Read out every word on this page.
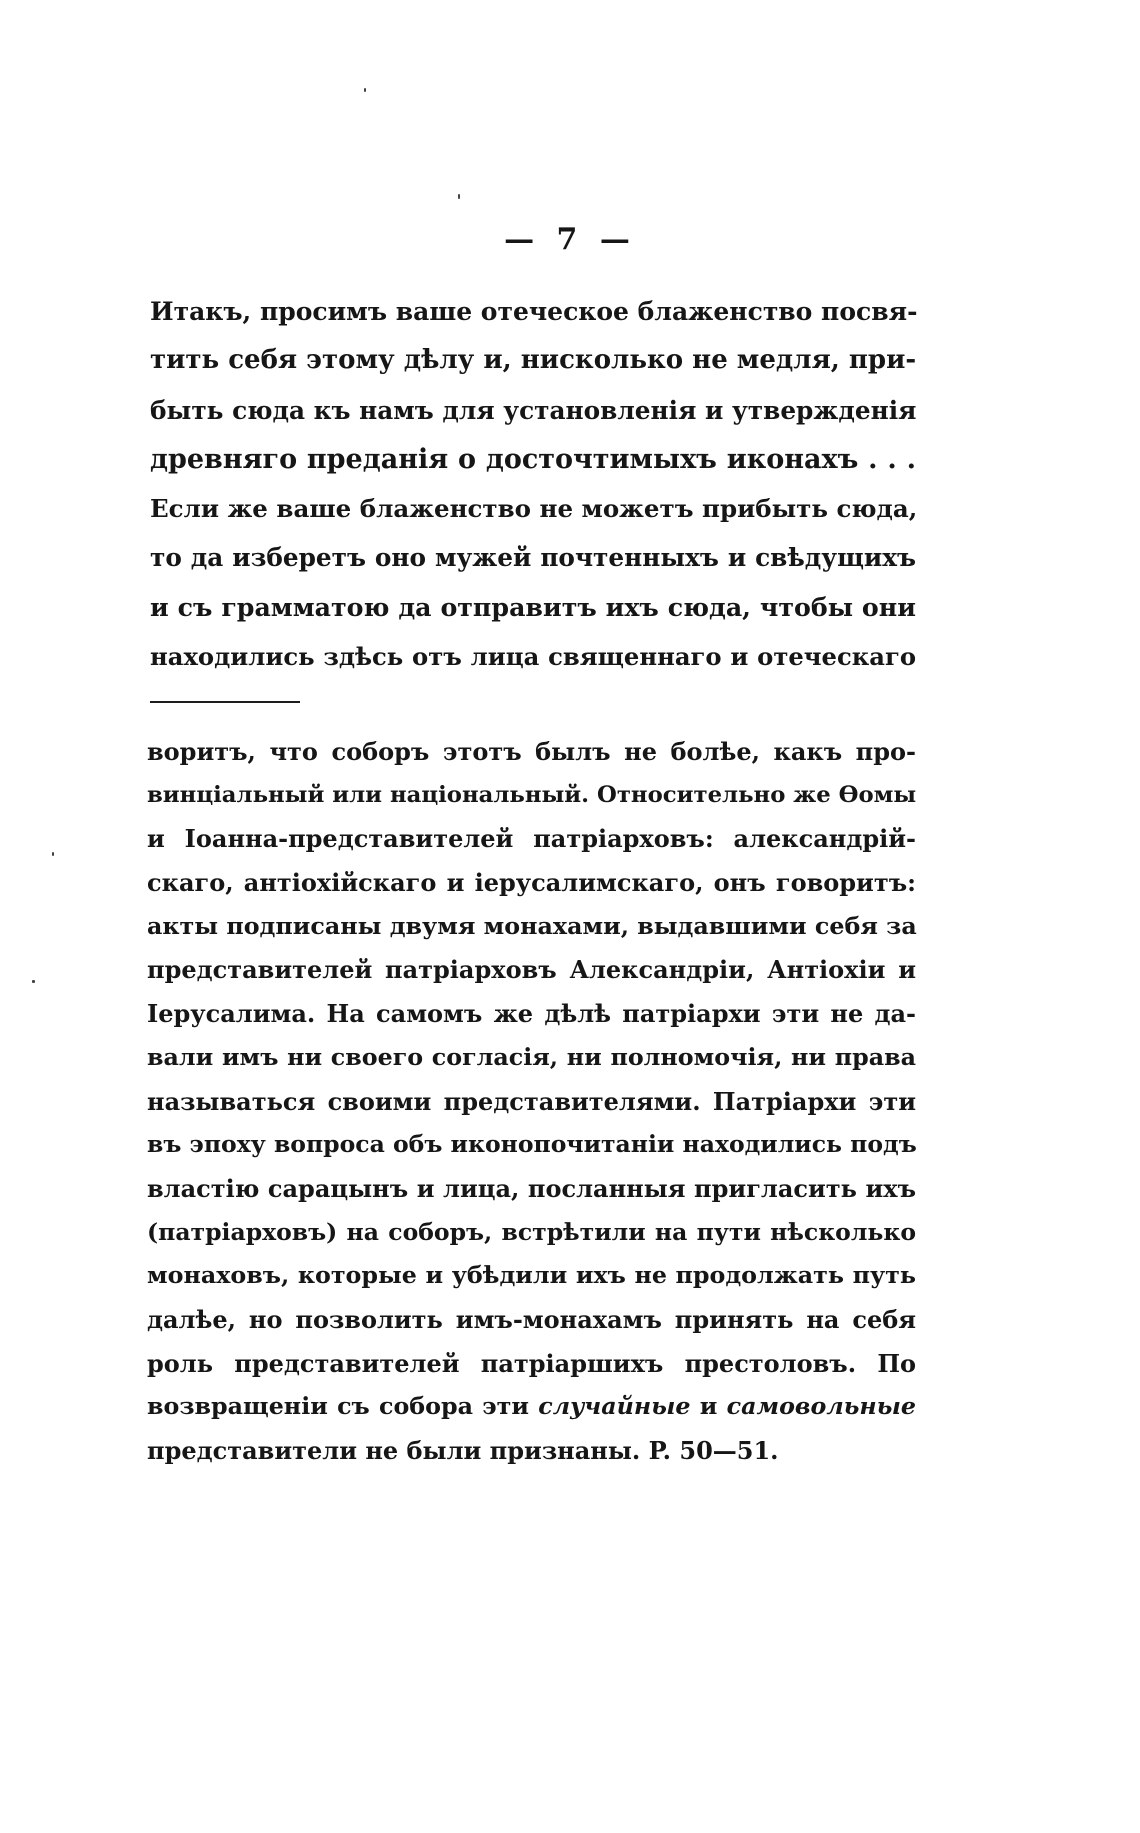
— 7 —
Итакъ, просимъ ваше отеческое блаженство посвя-
тить себя этому дѣлу и, нисколько не медля, при-
быть сюда къ намъ для установленія и утвержденія
древняго преданія о досточтимыхъ иконахъ . . .
Если же ваше блаженство не можетъ прибыть сюда,
то да изберетъ оно мужей почтенныхъ и свѣдущихъ
и съ грамматою да отправитъ ихъ сюда, чтобы они
находились здѣсь отъ лица священнаго и отеческаго
воритъ, что соборъ этотъ былъ не болѣе, какъ про-
винціальный или національный. Относительно же Ѳомы
и Іоанна-представителей патріарховъ: александрій-
скаго, антіохійскаго и іерусалимскаго, онъ говоритъ:
акты подписаны двумя монахами, выдавшими себя за
представителей патріарховъ Александріи, Антіохіи и
Іерусалима. На самомъ же дѣлѣ патріархи эти не да-
вали имъ ни своего согласія, ни полномочія, ни права
называться своими представителями. Патріархи эти
въ эпоху вопроса объ иконопочитаніи находились подъ
властію сарацынъ и лица, посланныя пригласить ихъ
(патріарховъ) на соборъ, встрѣтили на пути нѣсколько
монаховъ, которые и убѣдили ихъ не продолжать путь
далѣе, но позволить имъ-монахамъ принять на себя
роль представителей патріаршихъ престоловъ. По
возвращеніи съ собора эти случайные и самовольные
представители не были признаны. P. 50—51.
